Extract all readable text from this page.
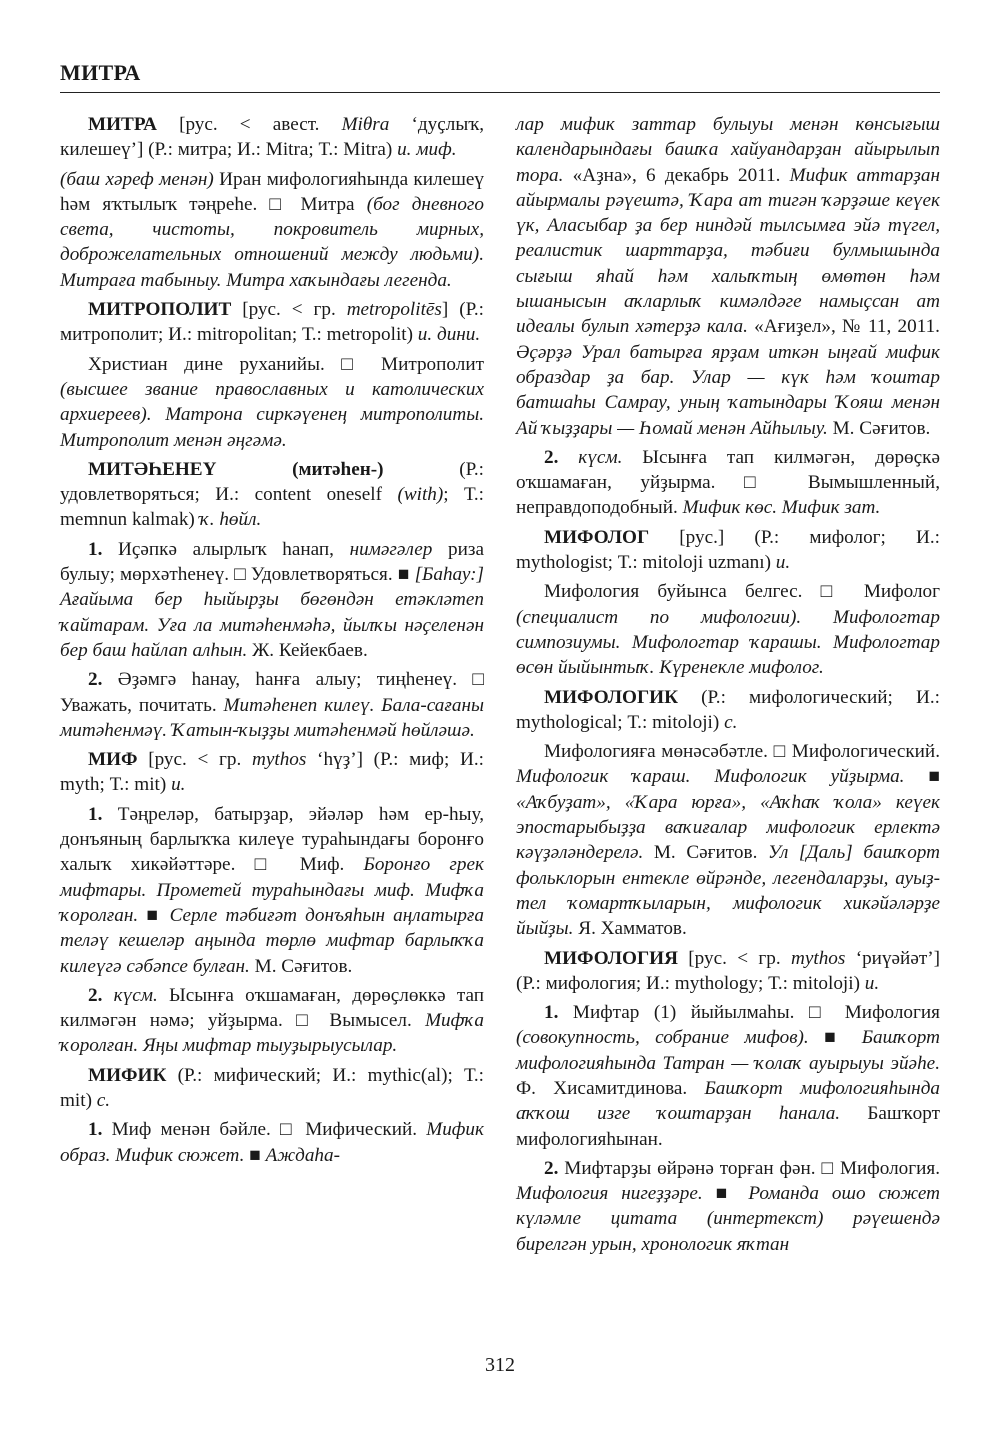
МИТРА

МИТРА [рус. < авест. Miθra ‘дуҫлыҡ, килешеү’] (Р.: митра; И.: Mitra; Т.: Mitra) и. миф.

(баш хәреф менән) Иран мифологияһында килешеү һәм яҡтылыҡ тәңреһе. □ Митра (бог дневного света, чистоты, покровитель мирных, доброжелательных отношений между людьми). Митраға табыныу. Митра хаҡындағы легенда.

МИТРОПОЛИТ [рус. < гр. metropolitēs] (Р.: митрополит; И.: mitropolitan; Т.: metropolit) и. дини.

Христиан дине руханийы. □ Митрополит (высшее звание православных и католических архиереев). Матрона сиркәүенең митрополиты. Митрополит менән әңгәмә.

МИТӘҺЕНЕҮ (митәһен-) (Р.: удовлетворяться; И.: content oneself (with); Т.: memnun kalmak) ҡ. һөйл.

1. Иҫәпкә алырлыҡ һанап, нимәгәлер риза булыу; мөрхәтһенеү. □ Удовлетворяться. ■ [Баһау:] Ағайыма бер һыйырҙы бөгөндән етәкләтеп ҡайтарам. Уға ла митәһенмәһә, йылҡы нәҫеленән бер баш һайлап алһын. Ж. Кейекбаев.

2. Әҙәмгә һанау, һанға алыу; тиңһенеү. □ Уважать, почитать. Митәһенеп килеү. Бала-сағаны митәһенмәү. Ҡатын-ҡыҙҙы митәһенмәй һөйләшә.

МИФ [рус. < гр. mythos ‘һүҙ’] (Р.: миф; И.: myth; Т.: mit) и.

1. Тәңреләр, батырҙар, эйәләр һәм ер-һыу, донъяның барлыҡҡа килеүе тураһындағы боронғо халыҡ хикәйәттәре. □ Миф. Боронғо грек мифтары. Прометей тураһындағы миф. Мифҡа ҡоролған. ■ Серле тәбиғәт донъяһын аңлатырға теләү кешеләр аңында төрлө мифтар барлыҡҡа килеүгә сәбәпсе булған. М. Сәғитов.

2. күсм. Ысынға оҡшамаған, дөрөҫлөккә тап килмәгән нәмә; уйҙырма. □ Вымысел. Мифҡа ҡоролған. Яңы мифтар тыуҙырыусылар.

МИФИК (Р.: мифический; И.: mythic(al); Т.: mit) с.

1. Миф менән бәйле. □ Мифический. Мифик образ. Мифик сюжет. ■ Аждаһа-

лар мифик заттар булыуы менән көнсығыш календарындағы башҡа хайуандарҙан айырылып тора. «Аҙна», 6 декабрь 2011. Мифик аттарҙан айырмалы рәүештә, Ҡара ат тигән ҡәрҙәше кеүек үк, Аласыбар ҙа бер ниндәй тылсымға эйә түгел, реалистик шарттарҙа, тәбиғи булмышында сығыш яһай һәм халыҡтың өмөтөн һәм ышанысын аҡларлыҡ кимәлдәге намыҫсан ат идеалы булып хәтерҙә кала. «Ағиҙел», № 11, 2011. Әҫәрҙә Урал батырға ярҙам иткән ыңғай мифик образдар ҙа бар. Улар — күк һәм ҡоштар батшаһы Самрау, уның ҡатындары Ҡояш менән Ай ҡыҙҙары — Һомай менән Айһылыу. М. Сәғитов.

2. күсм. Ысынға тап килмәгән, дөрөҫкә оҡшамаған, уйҙырма. □ Вымышленный, неправдоподобный. Мифик көс. Мифик зат.

МИФОЛОГ [рус.] (Р.: мифолог; И.: mythologist; Т.: mitoloji uzmanı) и.

Мифология буйынса белгес. □ Мифолог (специалист по мифологии). Мифологтар симпозиумы. Мифологтар ҡарашы. Мифологтар өсөн йыйынтыҡ. Күренекле мифолог.

МИФОЛОГИК (Р.: мифологический; И.: mythological; Т.: mitoloji) с.

Мифологияға мөнәсәбәтле. □ Мифологический. Мифологик ҡараш. Мифологик уйҙырма. ■ «Аҡбуҙат», «Ҡара юрға», «Аҡһаҡ ҡола» кеүек эпостарыбыҙҙа ваҡиғалар мифологик ерлектә кәүҙәләндерелә. М. Сәғитов. Ул [Даль] башҡорт фольклорын ентекле өйрәнде, легендаларҙы, ауыҙ-тел ҡомартҡыларын, мифологик хикәйәләрҙе йыйҙы. Я. Хамматов.

МИФОЛОГИЯ [рус. < гр. mythos ‘риүәйәт’] (Р.: мифология; И.: mythology; Т.: mitoloji) и.

1. Мифтар (1) йыйылмаһы. □ Мифология (совокупность, собрание мифов). ■ Башҡорт мифологияһында Татран — ҡолаҡ ауырыуы эйәһе. Ф. Хисамитдинова. Башҡорт мифологияһында аҡҡош изге ҡоштарҙан һанала. Башҡорт мифологияһынан.

2. Мифтарҙы өйрәнә торған фән. □ Мифология. Мифология нигеҙҙәре. ■ Романда ошо сюжет күләмле цитата (интертекст) рәүешендә бирелгән урын, хронологик яҡтан

312
